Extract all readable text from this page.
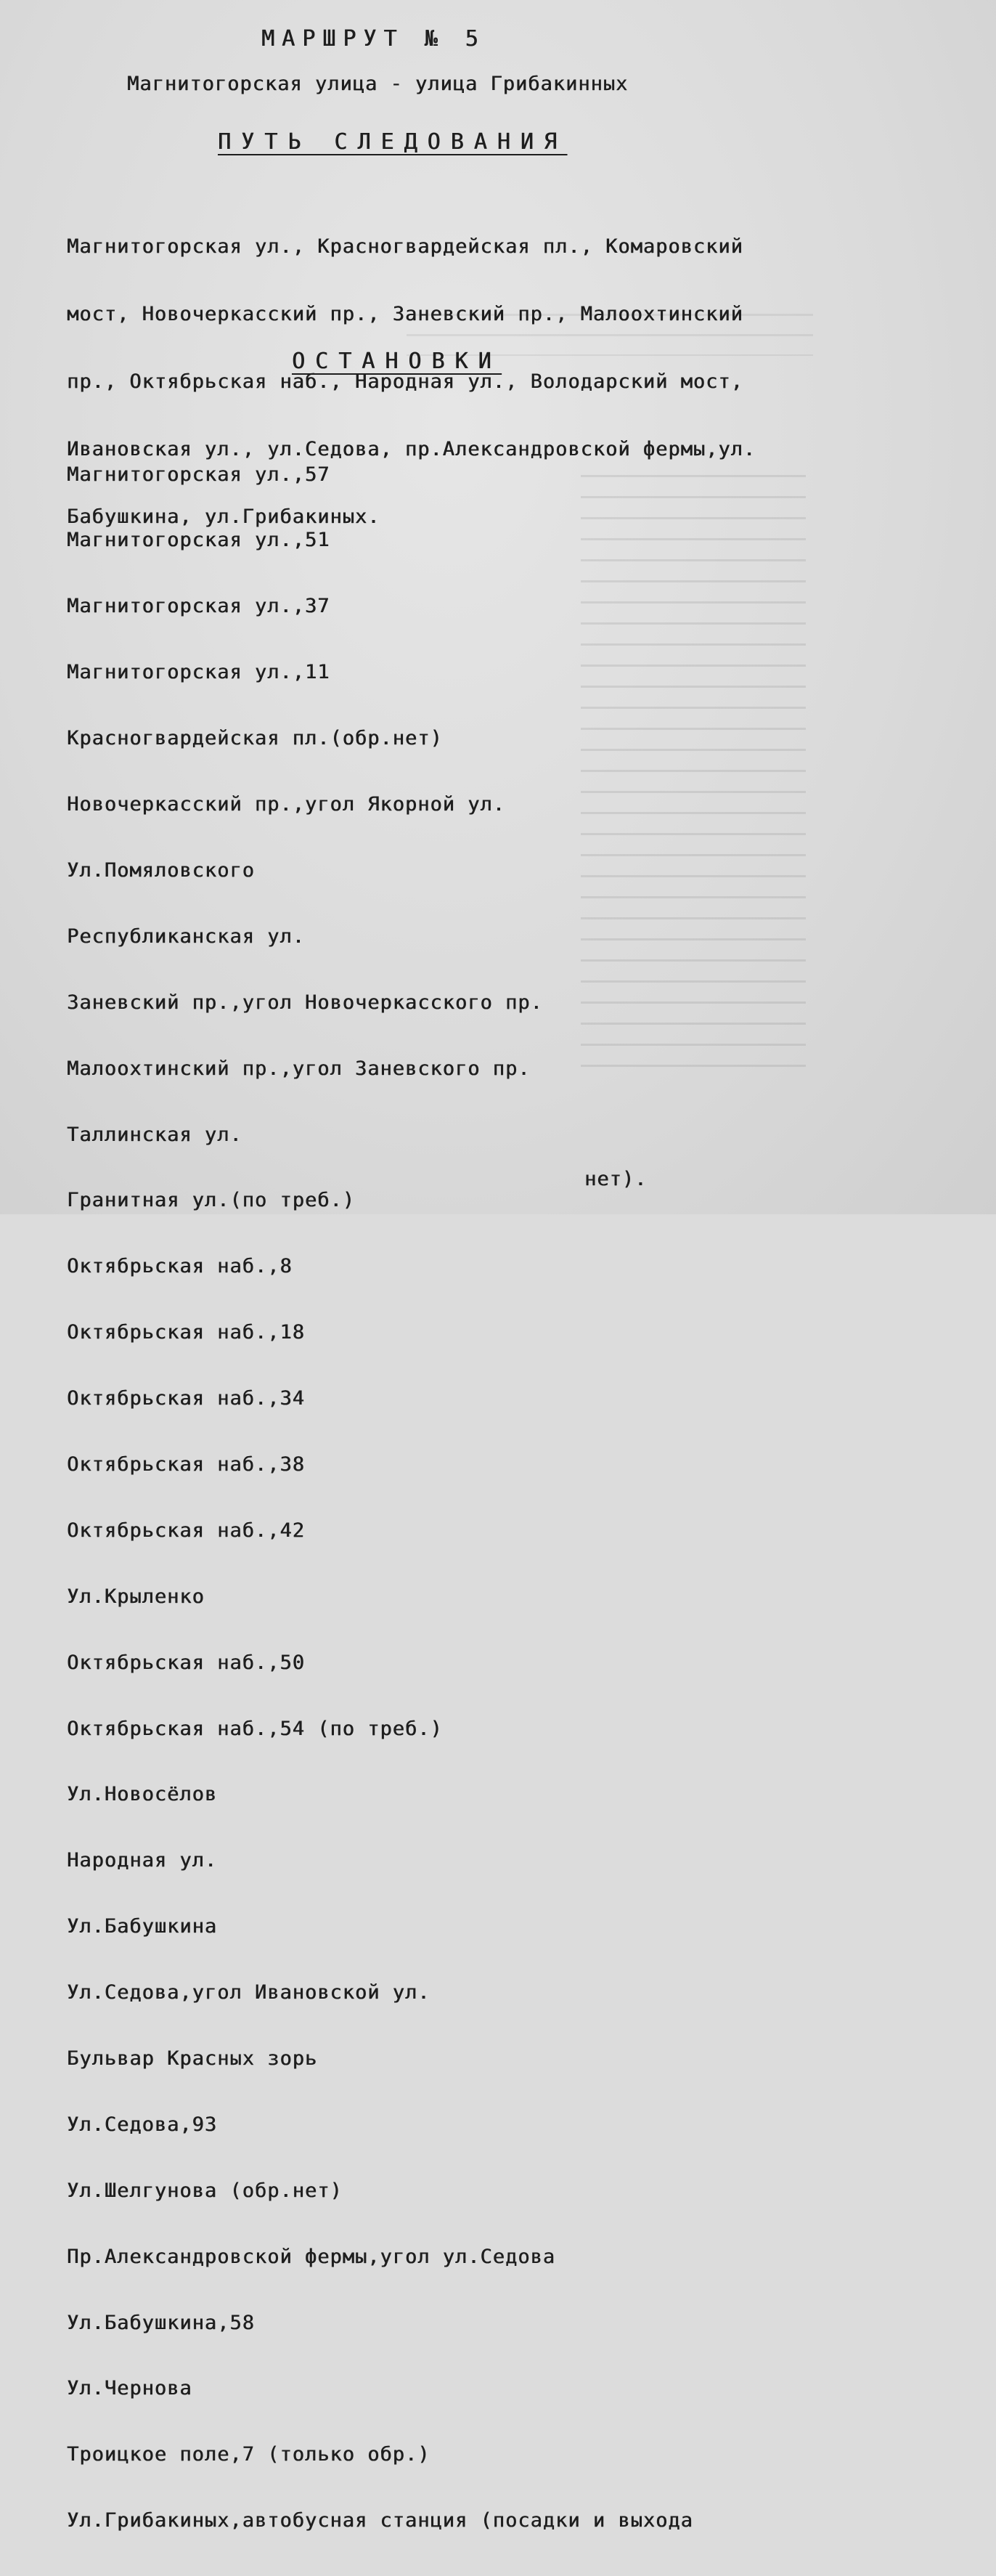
МАРШРУТ № 5

Магнитогорская улица - улица Грибакинных

ПУТЬ СЛЕДОВАНИЯ

Магнитогорская ул., Красногвардейская пл., Комаровский

мост, Новочеркасский пр., Заневский пр., Малоохтинский

пр., Октябрьская наб., Народная ул., Володарский мост,

Ивановская ул., ул.Седова, пр.Александровской фермы,ул.

Бабушкина, ул.Грибакиных.

ОСТАНОВКИ

Магнитогорская ул.,57

Магнитогорская ул.,51

Магнитогорская ул.,37

Магнитогорская ул.,11

Красногвардейская пл.(обр.нет)

Новочеркасский пр.,угол Якорной ул.

Ул.Помяловского

Республиканская ул.

Заневский пр.,угол Новочеркасского пр.

Малоохтинский пр.,угол Заневского пр.

Таллинская ул.

Гранитная ул.(по треб.)

Октябрьская наб.,8

Октябрьская наб.,18

Октябрьская наб.,34

Октябрьская наб.,38

Октябрьская наб.,42

Ул.Крыленко

Октябрьская наб.,50

Октябрьская наб.,54 (по треб.)

Ул.Новосёлов

Народная ул.

Ул.Бабушкина

Ул.Седова,угол Ивановской ул.

Бульвар Красных зорь

Ул.Седова,93

Ул.Шелгунова (обр.нет)

Пр.Александровской фермы,угол ул.Седова

Ул.Бабушкина,58

Ул.Чернова

Троицкое поле,7 (только обр.)

Ул.Грибакиных,автобусная станция (посадки и выхода

нет).
